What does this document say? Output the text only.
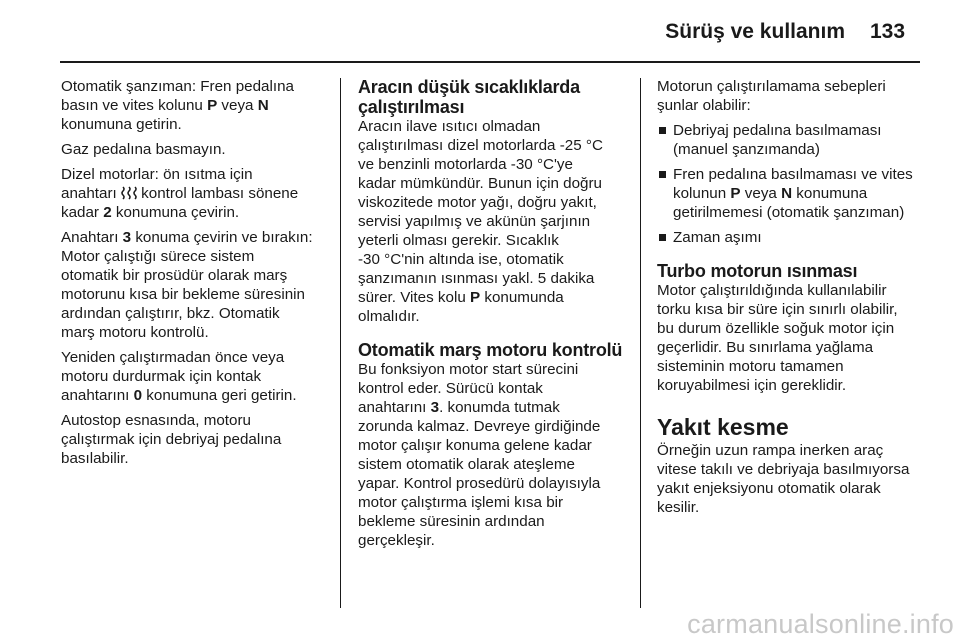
Sürüş ve kullanım 133

Otomatik şanzıman: Fren pedalına
basın ve vites kolunu P veya N
konumuna getirin.

Gaz pedalına basmayın.

Dizel motorlar: ön ısıtma için
anahtarı  kontrol lambası sönene
kadar 2 konumuna çevirin.

Anahtarı 3 konuma çevirin ve bırakın:
Motor çalıştığı sürece sistem
otomatik bir prosüdür olarak marş
motorunu kısa bir bekleme süresinin
ardından çalıştırır, bkz. Otomatik
marş motoru kontrolü.

Yeniden çalıştırmadan önce veya
motoru durdurmak için kontak
anahtarını 0 konumuna geri getirin.

Autostop esnasında, motoru
çalıştırmak için debriyaj pedalına
basılabilir.

Aracın düşük sıcaklıklarda
çalıştırılması

Aracın ilave ısıtıcı olmadan
çalıştırılması dizel motorlarda -25 °C
ve benzinli motorlarda -30 °C'ye
kadar mümkündür. Bunun için doğru
viskozitede motor yağı, doğru yakıt,
servisi yapılmış ve akünün şarjının
yeterli olması gerekir. Sıcaklık
-30 °C'nin altında ise, otomatik
şanzımanın ısınması yakl. 5 dakika
sürer. Vites kolu P konumunda
olmalıdır.

Otomatik marş motoru kontrolü

Bu fonksiyon motor start sürecini
kontrol eder. Sürücü kontak
anahtarını 3. konumda tutmak
zorunda kalmaz. Devreye girdiğinde
motor çalışır konuma gelene kadar
sistem otomatik olarak ateşleme
yapar. Kontrol prosedürü dolayısıyla
motor çalıştırma işlemi kısa bir
bekleme süresinin ardından
gerçekleşir.

Motorun çalıştırılamama sebepleri
şunlar olabilir:

Debriyaj pedalına basılmaması
(manuel şanzımanda)
Fren pedalına basılmaması ve vites
kolunun P veya N konumuna
getirilmemesi (otomatik şanzıman)
Zaman aşımı
Turbo motorun ısınması

Motor çalıştırıldığında kullanılabilir
torku kısa bir süre için sınırlı olabilir,
bu durum özellikle soğuk motor için
geçerlidir. Bu sınırlama yağlama
sisteminin motoru tamamen
koruyabilmesi için gereklidir.

Yakıt kesme

Örneğin uzun rampa inerken araç
vitese takılı ve debriyaja basılmıyorsa
yakıt enjeksiyonu otomatik olarak
kesilir.

carmanualsonline.info
